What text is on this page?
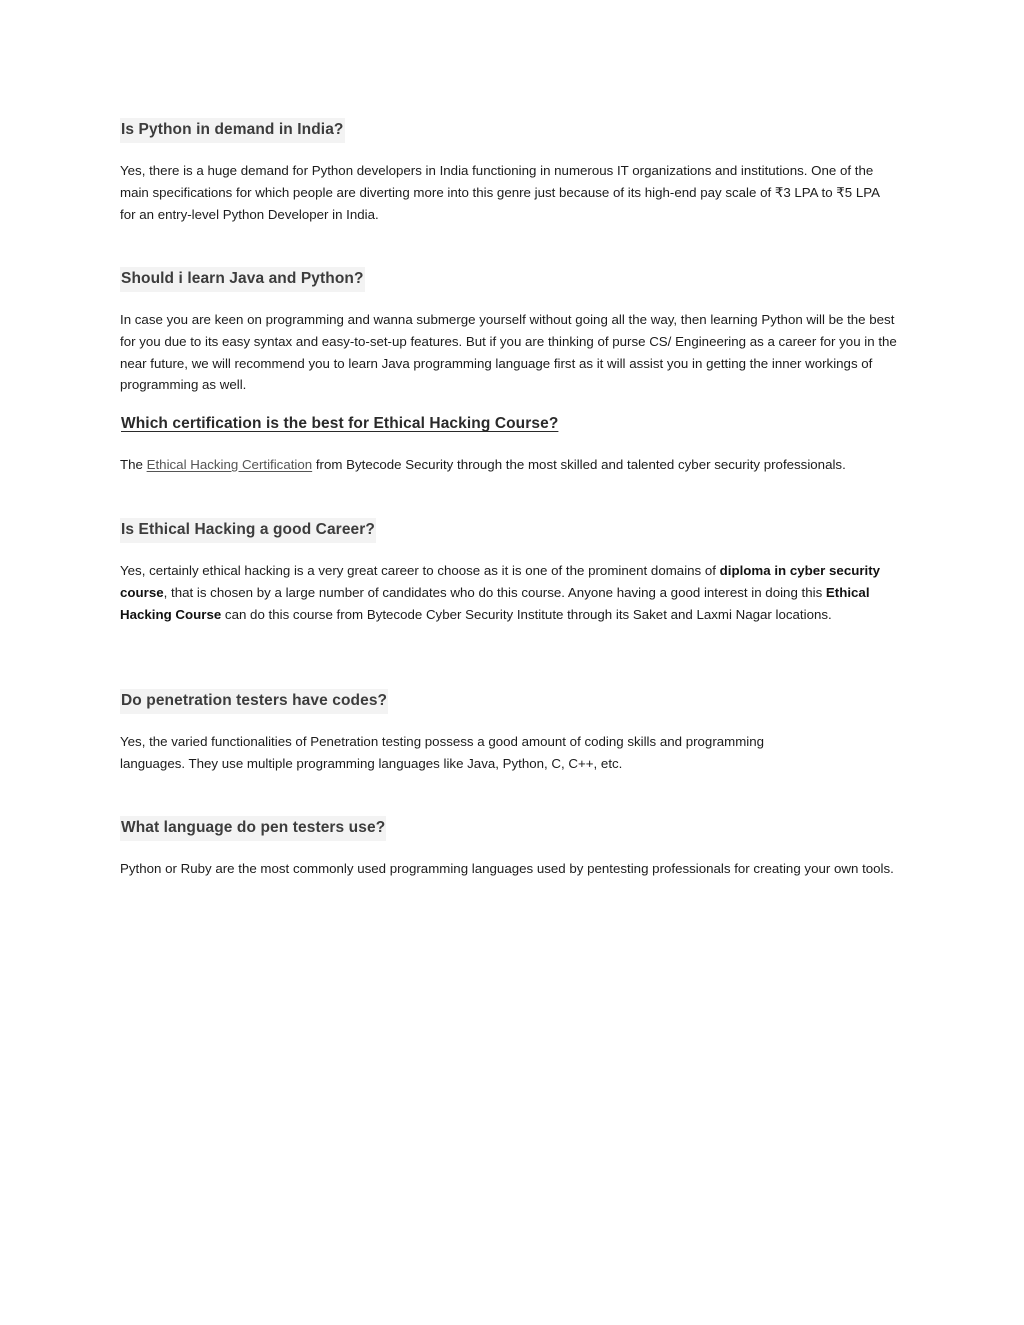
Is Python in demand in India?

Yes, there is a huge demand for Python developers in India functioning in numerous IT organizations and institutions. One of the main specifications for which people are diverting more into this genre just because of its high-end pay scale of ₹3 LPA to ₹5 LPA for an entry-level Python Developer in India.

Should i learn Java and Python?

In case you are keen on programming and wanna submerge yourself without going all the way, then learning Python will be the best for you due to its easy syntax and easy-to-set-up features. But if you are thinking of purse CS/ Engineering as a career for you in the near future, we will recommend you to learn Java programming language first as it will assist you in getting the inner workings of programming as well.

Which certification is the best for Ethical Hacking Course?

The Ethical Hacking Certification from Bytecode Security through the most skilled and talented cyber security professionals.

Is Ethical Hacking a good Career?

Yes, certainly ethical hacking is a very great career to choose as it is one of the prominent domains of diploma in cyber security course, that is chosen by a large number of candidates who do this course. Anyone having a good interest in doing this Ethical Hacking Course can do this course from Bytecode Cyber Security Institute through its Saket and Laxmi Nagar locations.

Do penetration testers have codes?

Yes, the varied functionalities of Penetration testing possess a good amount of coding skills and programming languages. They use multiple programming languages like Java, Python, C, C++, etc.

What language do pen testers use?

Python or Ruby are the most commonly used programming languages used by pentesting professionals for creating your own tools.
